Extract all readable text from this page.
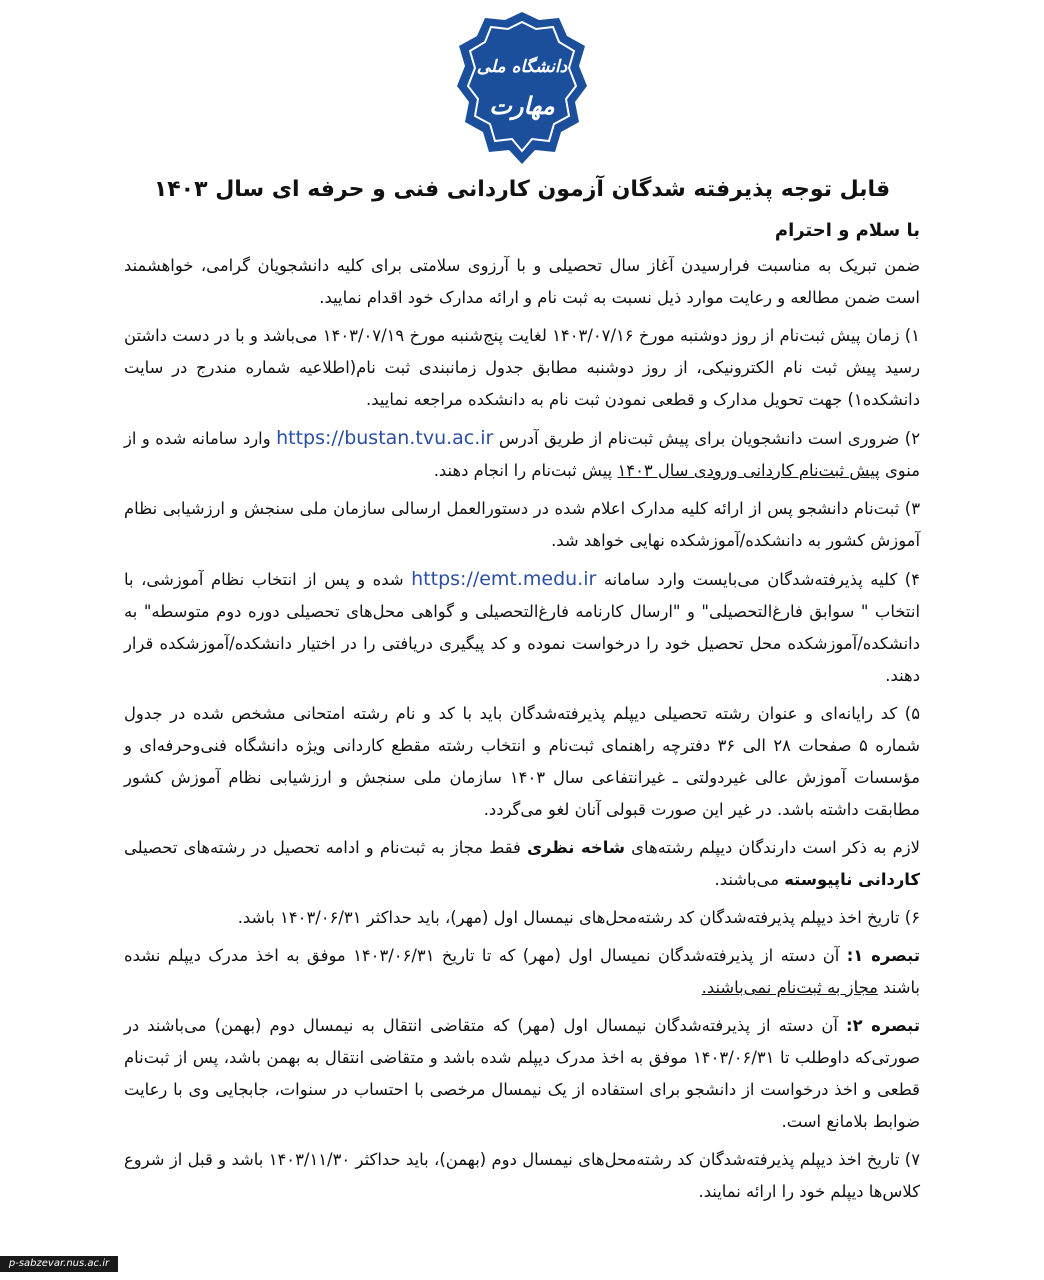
دانشگاه ملی
مهارت
قابل توجه پذیرفته شدگان آزمون کاردانی فنی و حرفه ای سال ۱۴۰۳
با سلام و احترام

ضمن تبریک به مناسبت فرارسیدن آغاز سال تحصیلی و با آرزوی سلامتی برای کلیه دانشجویان گرامی، خواهشمند است ضمن مطالعه و رعایت موارد ذیل نسبت به ثبت نام و ارائه مدارک خود اقدام نمایید.

۱) زمان پیش ثبت‌نام از روز دوشنبه مورخ ۱۴۰۳/۰۷/۱۶ لغایت پنج‌شنبه مورخ ۱۴۰۳/۰۷/۱۹ می‌باشد و با در دست داشتن رسید پیش ثبت نام الکترونیکی، از روز دوشنبه مطابق جدول زمانبندی ثبت نام(اطلاعیه شماره مندرج در سایت دانشکده۱) جهت تحویل مدارک و قطعی نمودن ثبت نام به دانشکده مراجعه نمایید.

۲) ضروری است دانشجویان برای پیش ثبت‌نام از طریق آدرس https://bustan.tvu.ac.ir وارد سامانه شده و از منوی پیش ثبت‌نام کاردانی ورودی سال ۱۴۰۳ پیش ثبت‌نام را انجام دهند.

۳) ثبت‌نام دانشجو پس از ارائه کلیه مدارک اعلام شده در دستورالعمل ارسالی سازمان ملی سنجش و ارزشیابی نظام آموزش کشور به دانشکده/آموزشکده نهایی خواهد شد.

۴) کلیه پذیرفته‌شدگان می‌بایست وارد سامانه https://emt.medu.ir شده و پس از انتخاب نظام آموزشی، با انتخاب " سوابق فارغ‌التحصیلی" و "ارسال کارنامه فارغ‌التحصیلی و گواهی محل‌های تحصیلی دوره دوم متوسطه" به دانشکده/آموزشکده محل تحصیل خود را درخواست نموده و کد پیگیری دریافتی را در اختیار دانشکده/آموزشکده قرار دهند.

۵) کد رایانه‌ای و عنوان رشته تحصیلی دیپلم پذیرفته‌شدگان باید با کد و نام رشته امتحانی مشخص شده در جدول شماره ۵ صفحات ۲۸ الی ۳۶ دفترچه راهنمای ثبت‌نام و انتخاب رشته مقطع کاردانی ویژه دانشگاه فنی‌وحرفه‌ای و مؤسسات آموزش عالی غیردولتی ـ غیرانتفاعی سال ۱۴۰۳ سازمان ملی سنجش و ارزشیابی نظام آموزش کشور مطابقت داشته باشد. در غیر این صورت قبولی آنان لغو می‌گردد.

لازم به ذکر است دارندگان دیپلم رشته‌های شاخه نظری فقط مجاز به ثبت‌نام و ادامه تحصیل در رشته‌های تحصیلی کاردانی ناپیوسته می‌باشند.

۶) تاریخ اخذ دیپلم پذیرفته‌شدگان کد رشته‌محل‌های نیمسال اول (مهر)، باید حداکثر ۱۴۰۳/۰۶/۳۱ باشد.

تبصره ۱: آن دسته از پذیرفته‌شدگان نمیسال اول (مهر) که تا تاریخ ۱۴۰۳/۰۶/۳۱ موفق به اخذ مدرک دیپلم نشده باشند مجاز به ثبت‌نام نمی‌باشند.

تبصره ۲: آن دسته از پذیرفته‌شدگان نیمسال اول (مهر) که متقاضی انتقال به نیمسال دوم (بهمن) می‌باشند در صورتی‌که داوطلب تا ۱۴۰۳/۰۶/۳۱ موفق به اخذ مدرک دیپلم شده باشد و متقاضی انتقال به بهمن باشد، پس از ثبت‌نام قطعی و اخذ درخواست از دانشجو برای استفاده از یک نیمسال مرخصی با احتساب در سنوات، جابجایی وی با رعایت ضوابط بلامانع است.

۷) تاریخ اخذ دیپلم پذیرفته‌شدگان کد رشته‌محل‌های نیمسال دوم (بهمن)، باید حداکثر ۱۴۰۳/۱۱/۳۰ باشد و قبل از شروع کلاس‌ها دیپلم خود را ارائه نمایند.

p-sabzevar.nus.ac.ir
